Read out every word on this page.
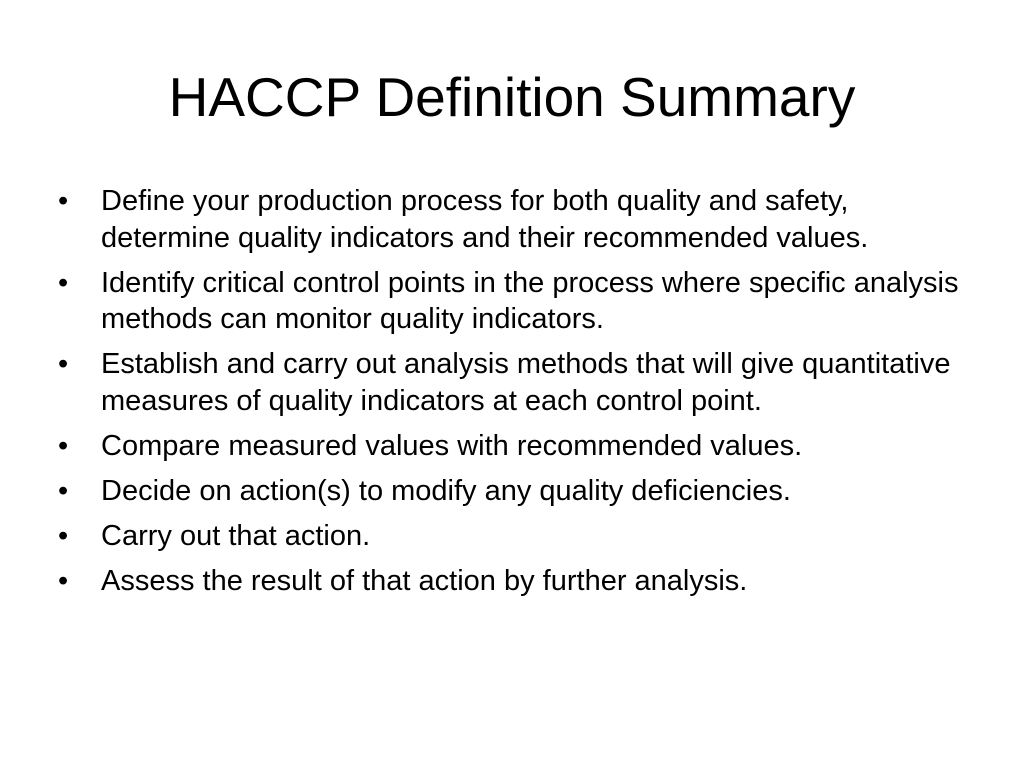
HACCP Definition Summary
• Define your production process for both quality and safety, determine quality indicators and their recommended values.
• Identify critical control points in the process where specific analysis methods can monitor quality indicators.
• Establish and carry out analysis methods that will give quantitative measures of quality indicators at each control point.
• Compare measured values with recommended values.
• Decide on action(s) to modify any quality deficiencies.
• Carry out that action.
• Assess the result of that action by further analysis.
